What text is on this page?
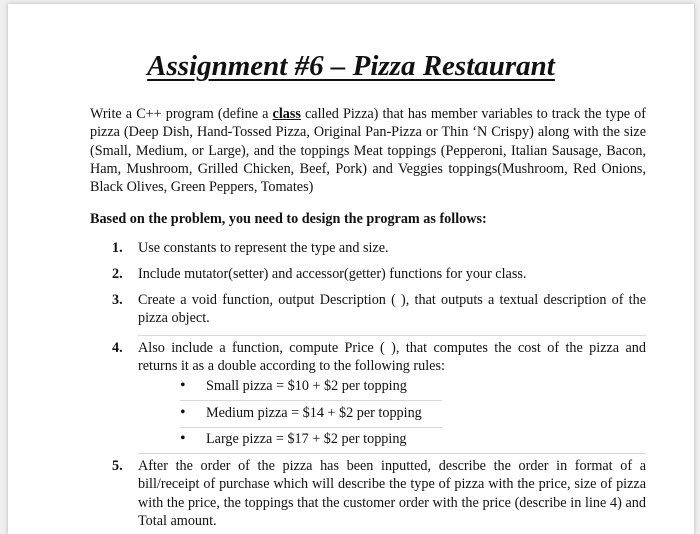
Assignment #6 – Pizza Restaurant

Write a C++ program (define a class called Pizza) that has member variables to track the type of pizza (Deep Dish, Hand-Tossed Pizza, Original Pan-Pizza or Thin ‘N Crispy) along with the size (Small, Medium, or Large), and the toppings Meat toppings (Pepperoni, Italian Sausage, Bacon, Ham, Mushroom, Grilled Chicken, Beef, Pork) and Veggies toppings(Mushroom, Red Onions, Black Olives, Green Peppers, Tomates)

Based on the problem, you need to design the program as follows:

1. Use constants to represent the type and size.
2. Include mutator(setter) and accessor(getter) functions for your class.
3. Create a void function, output Description ( ), that outputs a textual description of the pizza object.
4. Also include a function, compute Price ( ), that computes the cost of the pizza and returns it as a double according to the following rules:
• Small pizza = $10 + $2 per topping
• Medium pizza = $14 + $2 per topping
• Large pizza = $17 + $2 per topping
5. After the order of the pizza has been inputted, describe the order in format of a bill/receipt of purchase which will describe the type of pizza with the price, size of pizza with the price, the toppings that the customer order with the price (describe in line 4) and Total amount.
